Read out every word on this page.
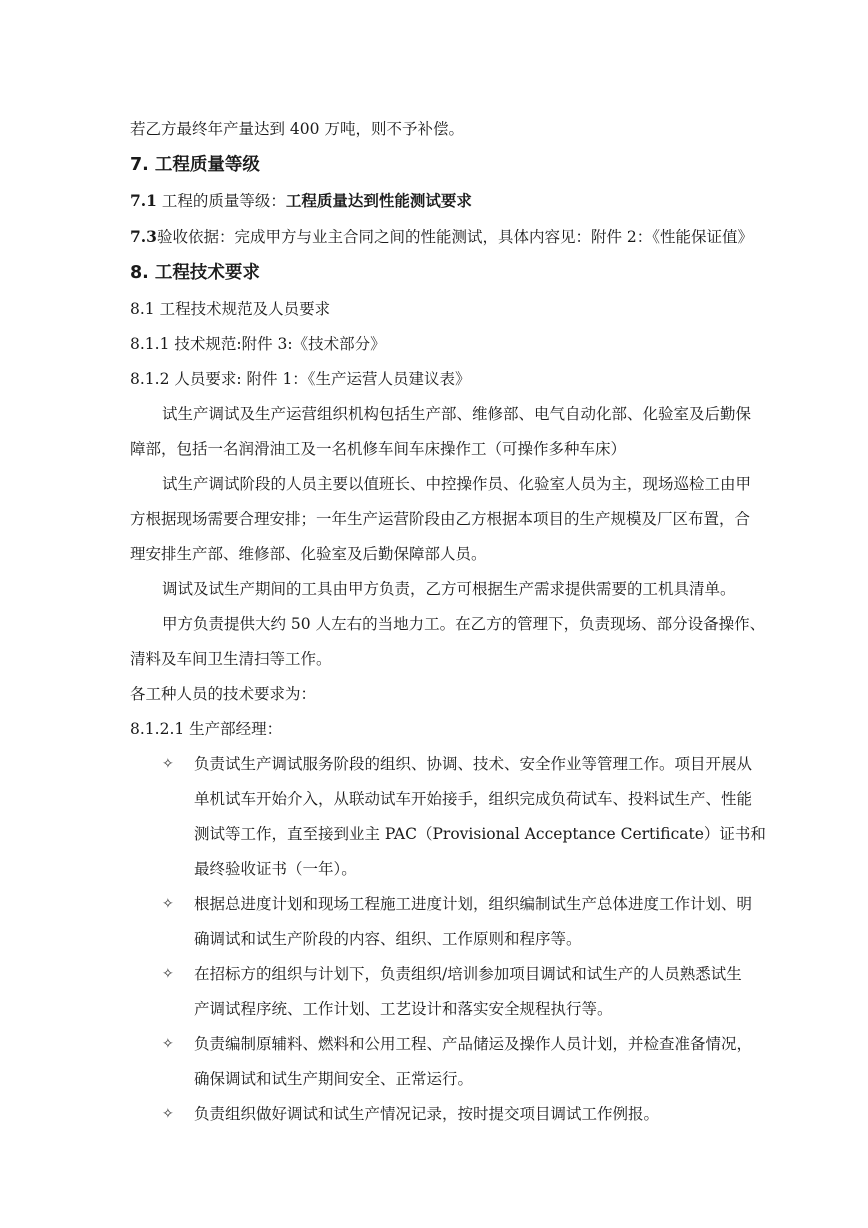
若乙方最终年产量达到 400 万吨，则不予补偿。
7. 工程质量等级
7.1 工程的质量等级：工程质量达到性能测试要求
7.3验收依据：完成甲方与业主合同之间的性能测试，具体内容见：附件 2：《性能保证值》
8. 工程技术要求
8.1 工程技术规范及人员要求
8.1.1 技术规范:附件 3:《技术部分》
8.1.2 人员要求: 附件 1：《生产运营人员建议表》
试生产调试及生产运营组织机构包括生产部、维修部、电气自动化部、化验室及后勤保
障部，包括一名润滑油工及一名机修车间车床操作工（可操作多种车床）
试生产调试阶段的人员主要以值班长、中控操作员、化验室人员为主，现场巡检工由甲
方根据现场需要合理安排；一年生产运营阶段由乙方根据本项目的生产规模及厂区布置，合
理安排生产部、维修部、化验室及后勤保障部人员。
调试及试生产期间的工具由甲方负责，乙方可根据生产需求提供需要的工机具清单。
甲方负责提供大约 50 人左右的当地力工。在乙方的管理下，负责现场、部分设备操作、
清料及车间卫生清扫等工作。
各工种人员的技术要求为：
8.1.2.1 生产部经理：
✧ 负责试生产调试服务阶段的组织、协调、技术、安全作业等管理工作。项目开展从
单机试车开始介入，从联动试车开始接手，组织完成负荷试车、投料试生产、性能
测试等工作，直至接到业主 PAC（Provisional Acceptance Certificate）证书和
最终验收证书（一年）。
✧ 根据总进度计划和现场工程施工进度计划，组织编制试生产总体进度工作计划、明
确调试和试生产阶段的内容、组织、工作原则和程序等。
✧ 在招标方的组织与计划下，负责组织/培训参加项目调试和试生产的人员熟悉试生
产调试程序统、工作计划、工艺设计和落实安全规程执行等。
✧ 负责编制原辅料、燃料和公用工程、产品储运及操作人员计划，并检查准备情况，
确保调试和试生产期间安全、正常运行。
✧ 负责组织做好调试和试生产情况记录，按时提交项目调试工作例报。
